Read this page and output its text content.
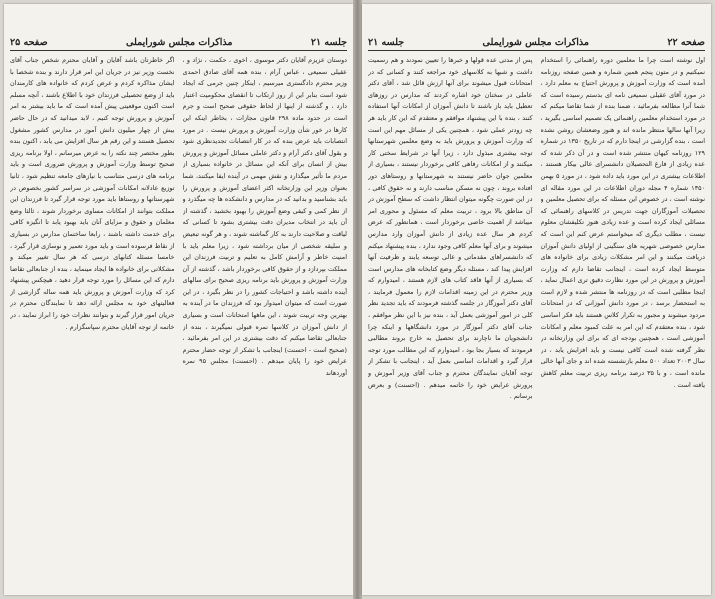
جلسه ۲۱
مذاکرات مجلس شورایملی
صفحه ۲۵

دوستان عزیزم آقایان دکتر موسوی ، اخوی ، حکمت ، نژاد و ، عقیلی سمیعی ، عباس آرام ، بنده همه آقای صادق احمدی وزیر محترم دادگستری میرسیم ، اینکار چنین جرمی که ایجاد شود است بنابر این از روز ارتکاب تا انقضای محکومیت اعتبار دارد ، و گذشته از اینها از لحاظ حقوقی صحیح است و جرم است در حدود ماده ۲۹۸ قانون مجازات ، بخاطر اینکه این کارها در خور شأن وزارت آموزش و پرورش نیست . در مورد انتصابات باید عرض بنده که در کار انتصابات تجدیدنظری شود و بقول آقای دکتر آرام و دکتر عاملی مسائل آموزش و پرورش بیش از انسان برای آنکه این مسائل در خانواده بسیاری از مردم ما تأثیر میگذارد و نقش مهمی در آینده ایفا میکنند، شما بعنوان وزیر این وزارتخانه اکثر اعضای آموزش و پرورش را باید بشناسید و بدانید که در مدارس و دانشکده ها چه میگذرد و از نظر کمی و کیفی وضع آموزش را بهبود بخشید ، گذشته از آن باید در انتخاب مدیران دقت بیشتری بشود تا کسانی که لیاقت و صلاحیت دارند به کار گماشته شوند ، و هر گونه تبعیض و سلیقه شخصی از میان برداشته شود ، زیرا معلم باید با امنیت خاطر و آرامش کامل به تعلیم و تربیت فرزندان این مملکت بپردازد و از حقوق کافی برخوردار باشد ، گذشته از آن وزارت آموزش و پرورش باید برنامه ریزی صحیح برای سالهای آینده داشته باشد و احتیاجات کشور را در نظر بگیرد ، در این صورت است که میتوان امیدوار بود که فرزندان ما در آینده به بهترین وجه تربیت شوند ، این ماهها امتحانات است و بسیاری از دانش آموزان در کلاسها نمره قبولی نمیگیرند ، بنده از جنابعالی تقاضا میکنم که دقت بیشتری در این امر بفرمائید ، (صحیح است - احسنت) اینجانب با تشکر از توجه حضار محترم عرایض خود را پایان میدهم . (احسنت) مجلس ۹۵ نمره آوردهاند

اگر خاطرتان باشد آقایان و آقایان محترم شخص جناب آقای نخست وزیر نیز در جریان این امر قرار دارند و بنده شخصا با ایشان مذاکره کردم و عرض کردم که خانواده های کارمندان باید از وضع تحصیلی فرزندان خود با اطلاع باشند ، آنچه مسلم است اکنون موقعیتی پیش آمده است که ما باید بیشتر به امر آموزش و پرورش توجه کنیم ، لابد میدانید که در حال حاضر بیش از چهار میلیون دانش آموز در مدارس کشور مشغول تحصیل هستند و این رقم هر سال افزایش می یابد ، اکنون بنده بطور مختصر چند نکته را به عرض میرسانم ، اولا برنامه ریزی صحیح توسط وزارت آموزش و پرورش ضروری است و باید برنامه های درسی متناسب با نیازهای جامعه تنظیم شود ، ثانیا توزیع عادلانه امکانات آموزشی در سراسر کشور بخصوص در شهرستانها و روستاها باید مورد توجه قرار گیرد تا فرزندان این مملکت بتوانند از امکانات مساوی برخوردار شوند ، ثالثا وضع معلمان و حقوق و مزایای آنان باید بهبود یابد تا انگیزه کافی برای خدمت داشته باشند ، رابعا ساختمان مدارس در بسیاری از نقاط فرسوده است و باید مورد تعمیر و نوسازی قرار گیرد ، خامسا مسئله کتابهای درسی که هر سال تغییر میکند و مشکلاتی برای خانواده ها ایجاد مینماید ، بنده از جنابعالی تقاضا دارم که این مسائل را مورد توجه قرار دهید ، هیچکس پیشنهاد کرد که وزارت آموزش و پرورش باید همه ساله گزارشی از فعالیتهای خود به مجلس ارائه دهد تا نمایندگان محترم در جریان امور قرار گیرند و بتوانند نظرات خود را ابراز نمایند ، در خاتمه از توجه آقایان محترم سپاسگزارم .

صفحه ۲۲
مذاکرات مجلس شورایملی
جلسه ۲۱

اول نوشته است چرا ما معلمین دوره راهنمائی را استخدام نمیکنیم و در متون پنجم همین شماره و همین صفحه روزنامه آمده است که وزارت آموزش و پرورش احتیاج به معلم دارد ، در مورد آقای عقیلی سمیعی نامه ای بدستم رسیده است که شما آنرا مطالعه بفرمائید ، ضمنا بنده از شما تقاضا میکنم که در مورد استخدام معلمین راهنمائی یک تصمیم اساسی بگیرید ، زیرا آنها سالها منتظر مانده اند و هنوز وضعشان روشن نشده است ، بنده گزارشی در اینجا دارم که در تاریخ ۱۳۵۰ در شماره ۱۲۹ روزنامه کیهان منتشر شده است و در آن ذکر شده که عده زیادی از فارغ التحصیلان دانشسرای عالی بیکار هستند ، اطلاعات بیشتری در این مورد باید داده شود ، در مورد ۵ بهمن ۱۳۵۰ شماره ۴ مجله دوران اطلاعات در این مورد مقاله ای نوشته است ، در خصوص این مسئله که برای تحصیل معلمین و تحصیلات آموزگاران جهت تدریس در کلاسهای راهنمائی که مسائلی ایجاد کرده است و عده زیادی هنوز تکلیفشان معلوم نیست ، مطلب دیگری که میخواستم عرض کنم این است که مدارس خصوصی شهریه های سنگینی از اولیای دانش آموزان دریافت میکنند و این امر مشکلات زیادی برای خانواده های متوسط ایجاد کرده است ، اینجانب تقاضا دارم که وزارت آموزش و پرورش در این مورد نظارت دقیق تری اعمال نماید ، اینجا مطلبی است که در روزنامه ها منتشر شده و لازم است به استحضار برسد ، در مورد دانش آموزانی که در امتحانات مردود میشوند و مجبور به تکرار کلاس هستند باید فکر اساسی شود ، بنده معتقدم که این امر به علت کمبود معلم و امکانات آموزشی است ، همچنین بودجه ای که برای این وزارتخانه در نظر گرفته شده است کافی نیست و باید افزایش یابد ، در سال ۲۰۰۳ تعداد ۵۰۰ معلم بازنشسته شده اند و جای آنها خالی مانده است ، و با ۳۵ درصد برنامه ریزی تربیت معلم کاهش یافته است .

پس از مدتی عده قولها و خبرها را تعیین نمودند و هم رسمیت داشت و شبها به کلاسهای خود مراجعه کنند و کسانی که در امتحانات قبول میشوند برای آنها ارزش قائل شد ، آقای دکتر عاملی در سخنان خود اشاره کردند که مدارس در روزهای تعطیل باید باز باشند تا دانش آموزان از امکانات آنها استفاده کنند ، بنده با این پیشنهاد موافقم و معتقدم که این کار باید هر چه زودتر عملی شود ، همچنین یکی از مسائل مهم این است که وزارت آموزش و پرورش باید به وضع معلمین شهرستانها توجه بیشتری مبذول دارد ، زیرا آنها در شرایط سختی کار میکنند و از امکانات رفاهی کافی برخوردار نیستند ، بسیاری از معلمین جوان حاضر نیستند به شهرستانها و روستاهای دور افتاده بروند ، چون نه مسکن مناسب دارند و نه حقوق کافی ، در این صورت چگونه میتوان انتظار داشت که سطح آموزش در آن مناطق بالا برود ، تربیت معلم که مسئول و محوری امر میباشد از اهمیت خاصی برخوردار است ، همانطور که عرض کردم هر سال عده زیادی از دانش آموزان وارد مدارس میشوند و برای آنها معلم کافی وجود ندارد ، بنده پیشنهاد میکنم که دانشسراهای مقدماتی و عالی توسعه یابند و ظرفیت آنها افزایش پیدا کند ، مسئله دیگر وضع کتابخانه های مدارس است که بسیاری از آنها فاقد کتاب های لازم هستند ، امیدوارم که وزیر محترم در این زمینه اقدامات لازم را معمول فرمایند ، آقای دکتر آموزگار در جلسه گذشته فرمودند که باید تجدید نظر کلی در امور آموزشی بعمل آید ، بنده نیز با این نظر موافقم ، جناب آقای دکتر آموزگار در مورد دانشگاهها و اینکه چرا دانشجویان ما ناچارند برای تحصیل به خارج بروند مطالبی فرمودند که بسیار بجا بود ، امیدوارم که این مطالب مورد توجه قرار گیرد و اقدامات اساسی بعمل آید ، اینجانب با تشکر از توجه آقایان نمایندگان محترم و جناب آقای وزیر آموزش و پرورش عرایض خود را خاتمه میدهم . (احسنت) و بعرض برسانم .
